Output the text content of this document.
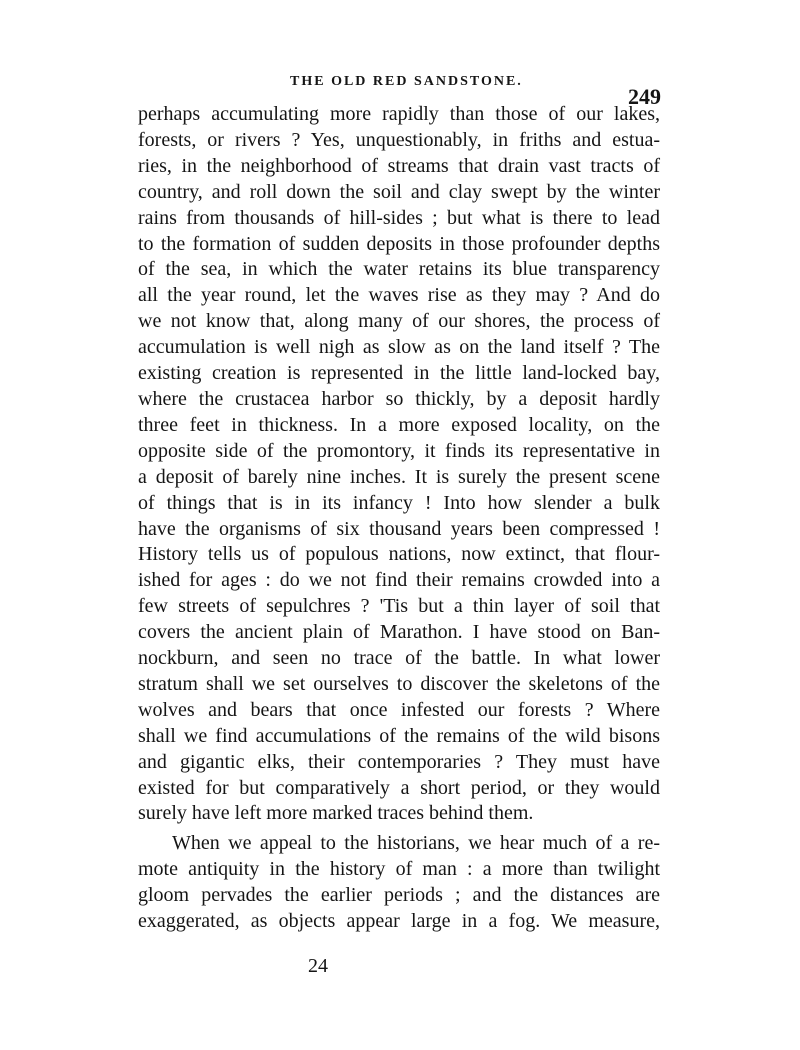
THE OLD RED SANDSTONE.
249
perhaps accumulating more rapidly than those of our lakes,
forests, or rivers ? Yes, unquestionably, in friths and estua-
ries, in the neighborhood of streams that drain vast tracts of
country, and roll down the soil and clay swept by the winter
rains from thousands of hill-sides ; but what is there to lead
to the formation of sudden deposits in those profounder depths
of the sea, in which the water retains its blue transparency
all the year round, let the waves rise as they may ? And do
we not know that, along many of our shores, the process of
accumulation is well nigh as slow as on the land itself ? The
existing creation is represented in the little land-locked bay,
where the crustacea harbor so thickly, by a deposit hardly
three feet in thickness. In a more exposed locality, on the
opposite side of the promontory, it finds its representative in
a deposit of barely nine inches. It is surely the present scene
of things that is in its infancy ! Into how slender a bulk
have the organisms of six thousand years been compressed !
History tells us of populous nations, now extinct, that flour-
ished for ages : do we not find their remains crowded into a
few streets of sepulchres ? 'Tis but a thin layer of soil that
covers the ancient plain of Marathon. I have stood on Ban-
nockburn, and seen no trace of the battle. In what lower
stratum shall we set ourselves to discover the skeletons of the
wolves and bears that once infested our forests ? Where
shall we find accumulations of the remains of the wild bisons
and gigantic elks, their contemporaries ? They must have
existed for but comparatively a short period, or they would
surely have left more marked traces behind them.
When we appeal to the historians, we hear much of a re-
mote antiquity in the history of man : a more than twilight
gloom pervades the earlier periods ; and the distances are
exaggerated, as objects appear large in a fog. We measure,
24
